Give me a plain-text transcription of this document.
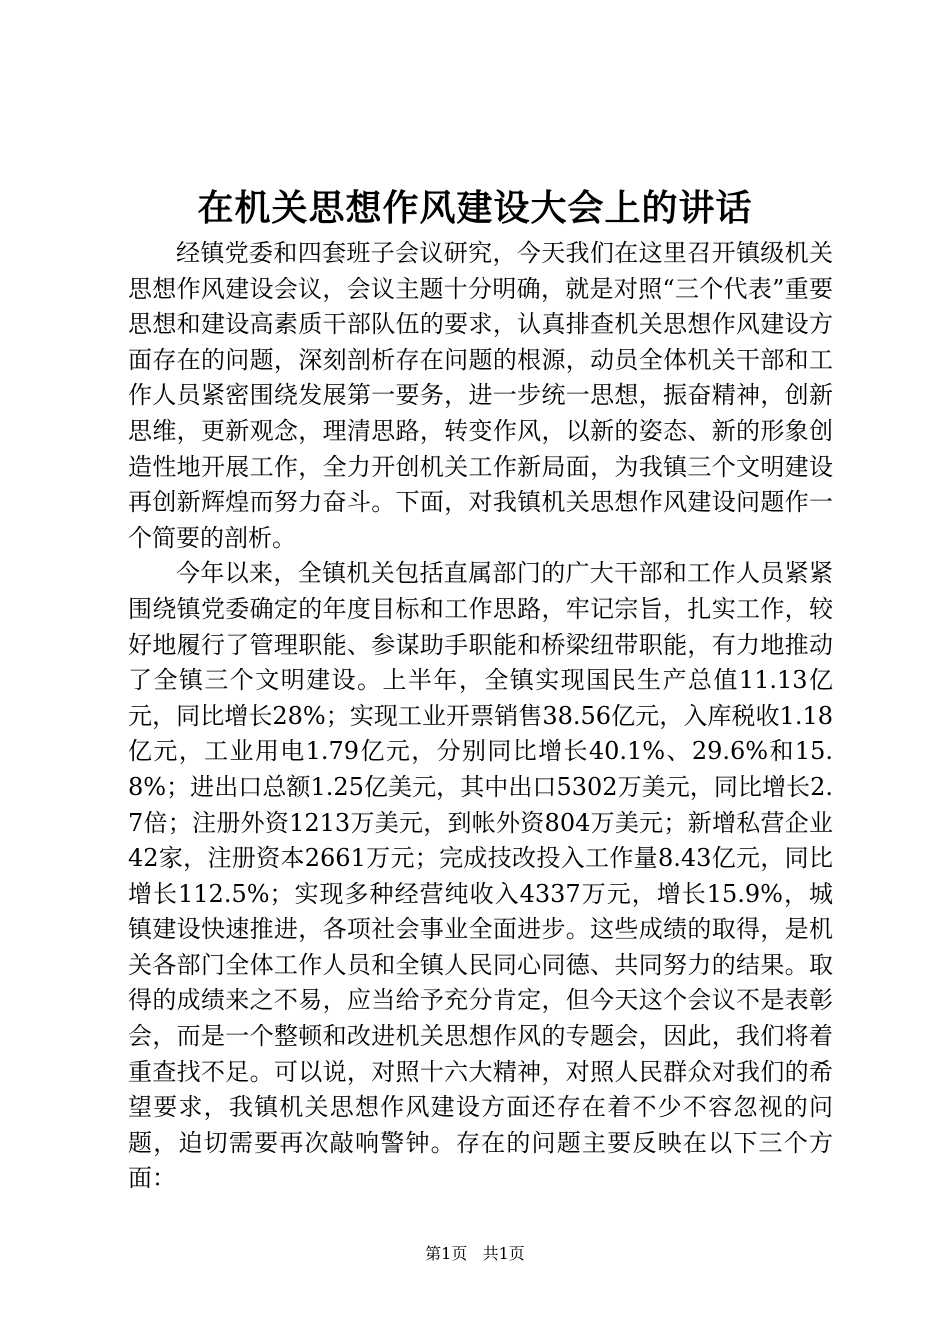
在机关思想作风建设大会上的讲话

经镇党委和四套班子会议研究，今天我们在这里召开镇级机关思想作风建设会议，会议主题十分明确，就是对照“三个代表”重要思想和建设高素质干部队伍的要求，认真排查机关思想作风建设方面存在的问题，深刻剖析存在问题的根源，动员全体机关干部和工作人员紧密围绕发展第一要务，进一步统一思想，振奋精神，创新思维，更新观念，理清思路，转变作风，以新的姿态、新的形象创造性地开展工作，全力开创机关工作新局面，为我镇三个文明建设再创新辉煌而努力奋斗。下面，对我镇机关思想作风建设问题作一个简要的剖析。

今年以来，全镇机关包括直属部门的广大干部和工作人员紧紧围绕镇党委确定的年度目标和工作思路，牢记宗旨，扎实工作，较好地履行了管理职能、参谋助手职能和桥梁纽带职能，有力地推动了全镇三个文明建设。上半年，全镇实现国民生产总值11.13亿元，同比增长28%；实现工业开票销售38.56亿元，入库税收1.18亿元，工业用电1.79亿元，分别同比增长40.1%、29.6%和15.8%；进出口总额1.25亿美元，其中出口5302万美元，同比增长2.7倍；注册外资1213万美元，到帐外资804万美元；新增私营企业42家，注册资本2661万元；完成技改投入工作量8.43亿元，同比增长112.5%；实现多种经营纯收入4337万元，增长15.9%，城镇建设快速推进，各项社会事业全面进步。这些成绩的取得，是机关各部门全体工作人员和全镇人民同心同德、共同努力的结果。取得的成绩来之不易，应当给予充分肯定，但今天这个会议不是表彰会，而是一个整顿和改进机关思想作风的专题会，因此，我们将着重查找不足。可以说，对照十六大精神，对照人民群众对我们的希望要求，我镇机关思想作风建设方面还存在着不少不容忽视的问题，迫切需要再次敲响警钟。存在的问题主要反映在以下三个方面：

第1页 共1页
